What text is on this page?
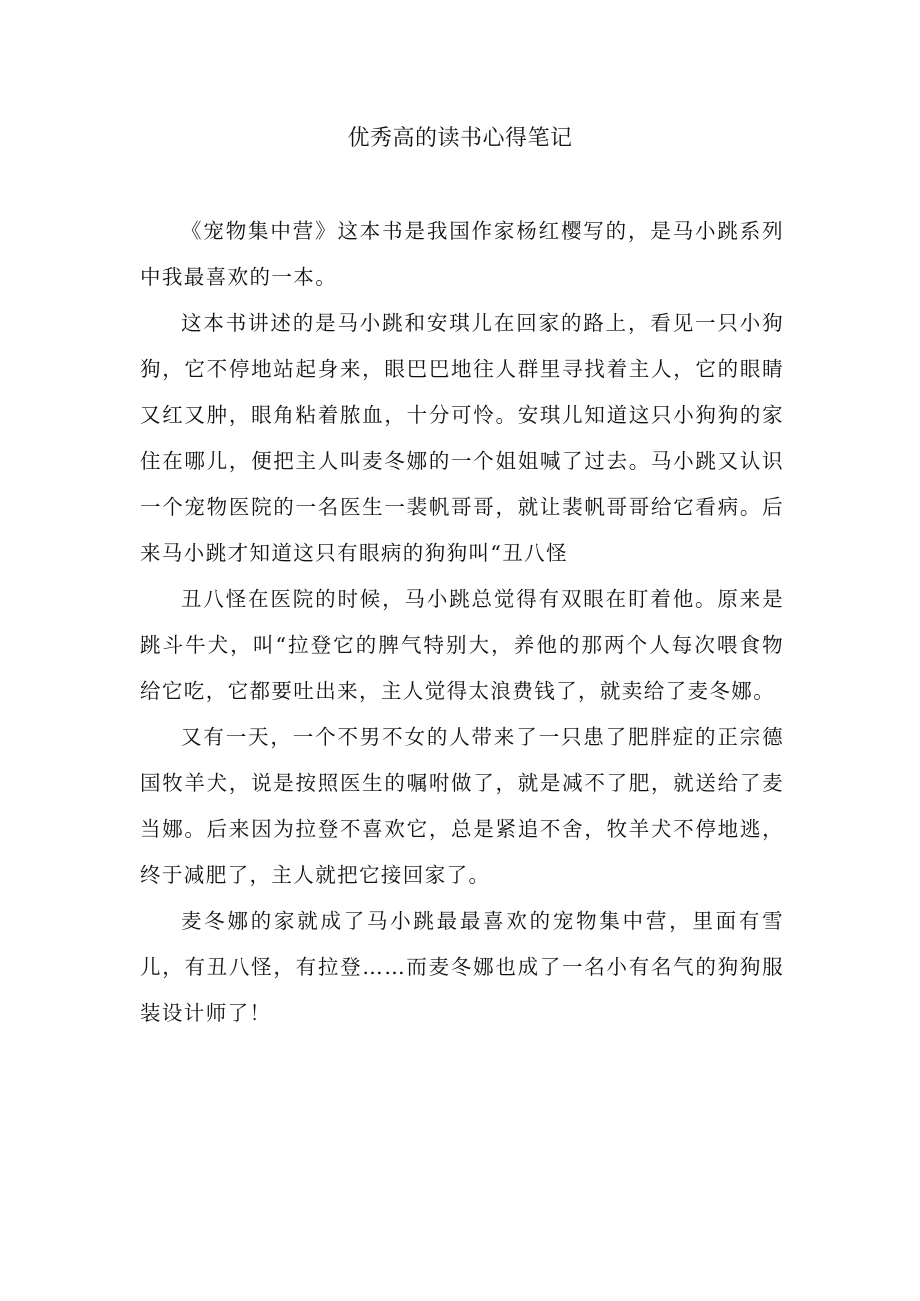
优秀高的读书心得笔记

《宠物集中营》这本书是我国作家杨红樱写的，是马小跳系列中我最喜欢的一本。

这本书讲述的是马小跳和安琪儿在回家的路上，看见一只小狗狗，它不停地站起身来，眼巴巴地往人群里寻找着主人，它的眼睛又红又肿，眼角粘着脓血，十分可怜。安琪儿知道这只小狗狗的家住在哪儿，便把主人叫麦冬娜的一个姐姐喊了过去。马小跳又认识一个宠物医院的一名医生一裴帆哥哥，就让裴帆哥哥给它看病。后来马小跳才知道这只有眼病的狗狗叫“丑八怪

丑八怪在医院的时候，马小跳总觉得有双眼在盯着他。原来是跳斗牛犬，叫“拉登它的脾气特别大，养他的那两个人每次喂食物给它吃，它都要吐出来，主人觉得太浪费钱了，就卖给了麦冬娜。

又有一天，一个不男不女的人带来了一只患了肥胖症的正宗德国牧羊犬，说是按照医生的嘱咐做了，就是减不了肥，就送给了麦当娜。后来因为拉登不喜欢它，总是紧追不舍，牧羊犬不停地逃，终于减肥了，主人就把它接回家了。

麦冬娜的家就成了马小跳最最喜欢的宠物集中营，里面有雪儿，有丑八怪，有拉登……而麦冬娜也成了一名小有名气的狗狗服装设计师了！
